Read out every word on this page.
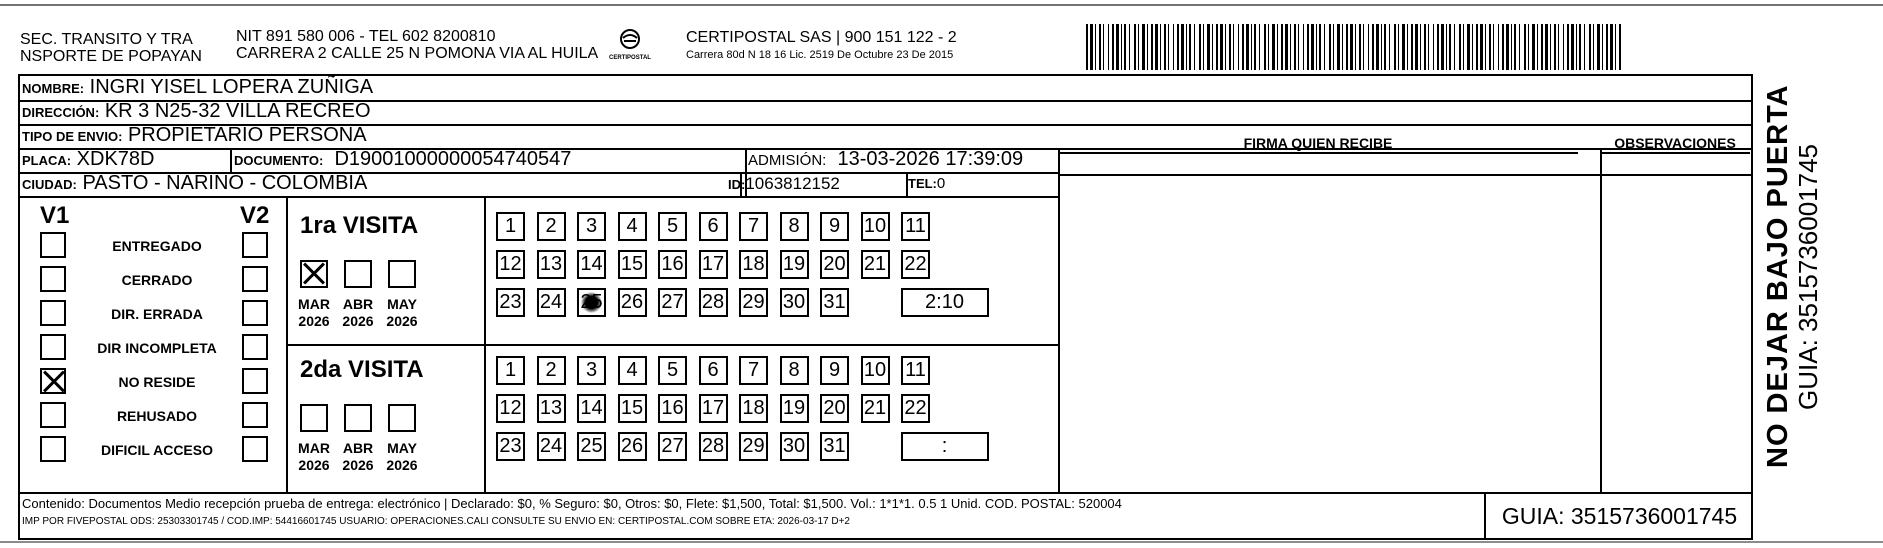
SEC. TRANSITO Y TRA
NSPORTE DE POPAYAN
NIT 891 580 006 - TEL 602 8200810
CARRERA 2 CALLE 25 N POMONA VIA AL HUILA CERTIPOSTAL
CERTIPOSTAL SAS | 900 151 122 - 2
Carrera 80d N 18 16 Lic. 2519 De Octubre 23 De 2015
NOMBRE: INGRI YISEL LOPERA ZUÑIGA
DIRECCIÓN: KR 3 N25-32 VILLA RECREO
TIPO DE ENVIO: PROPIETARIO PERSONA
PLACA: XDK78D	DOCUMENTO: D19001000000054740547	ADMISIÓN: 13-03-2026 17:39:09
CIUDAD: PASTO - NARINO - COLOMBIA	ID:1063812152	TEL:0
FIRMA QUIEN RECIBE	OBSERVACIONES
V1	V2
ENTREGADO
CERRADO
DIR. ERRADA
DIR INCOMPLETA
NO RESIDE
REHUSADO
DIFICIL ACCESO
1ra VISITA
2da VISITA
MAR
2026
ABR
2026
MAY
2026
1	2	3	4	5	6	7	8	9	10 11
12 13 14 15 16 17 18 19 20 21 22
23 24 25 26 27 28 29 30 31	2:10
MAR
2026
ABR
2026
MAY
2026
1	2	3	4	5	6	7	8	9	10 11
12 13 14 15 16 17 18 19 20 21 22
23 24 25 26 27 28 29 30 31	:
Contenido: Documentos Medio recepción prueba de entrega: electrónico | Declarado: $0, % Seguro: $0, Otros: $0, Flete: $1,500, Total: $1,500. Vol.: 1*1*1. 0.5 1 Unid. COD. POSTAL: 520004
IMP POR FIVEPOSTAL ODS: 25303301745 / COD.IMP: 54416601745 USUARIO: OPERACIONES.CALI CONSULTE SU ENVIO EN: CERTIPOSTAL.COM SOBRE ETA: 2026-03-17 D+2	GUIA: 3515736001745
NO DEJAR BAJO PUERTA GUIA: 3515736001745
